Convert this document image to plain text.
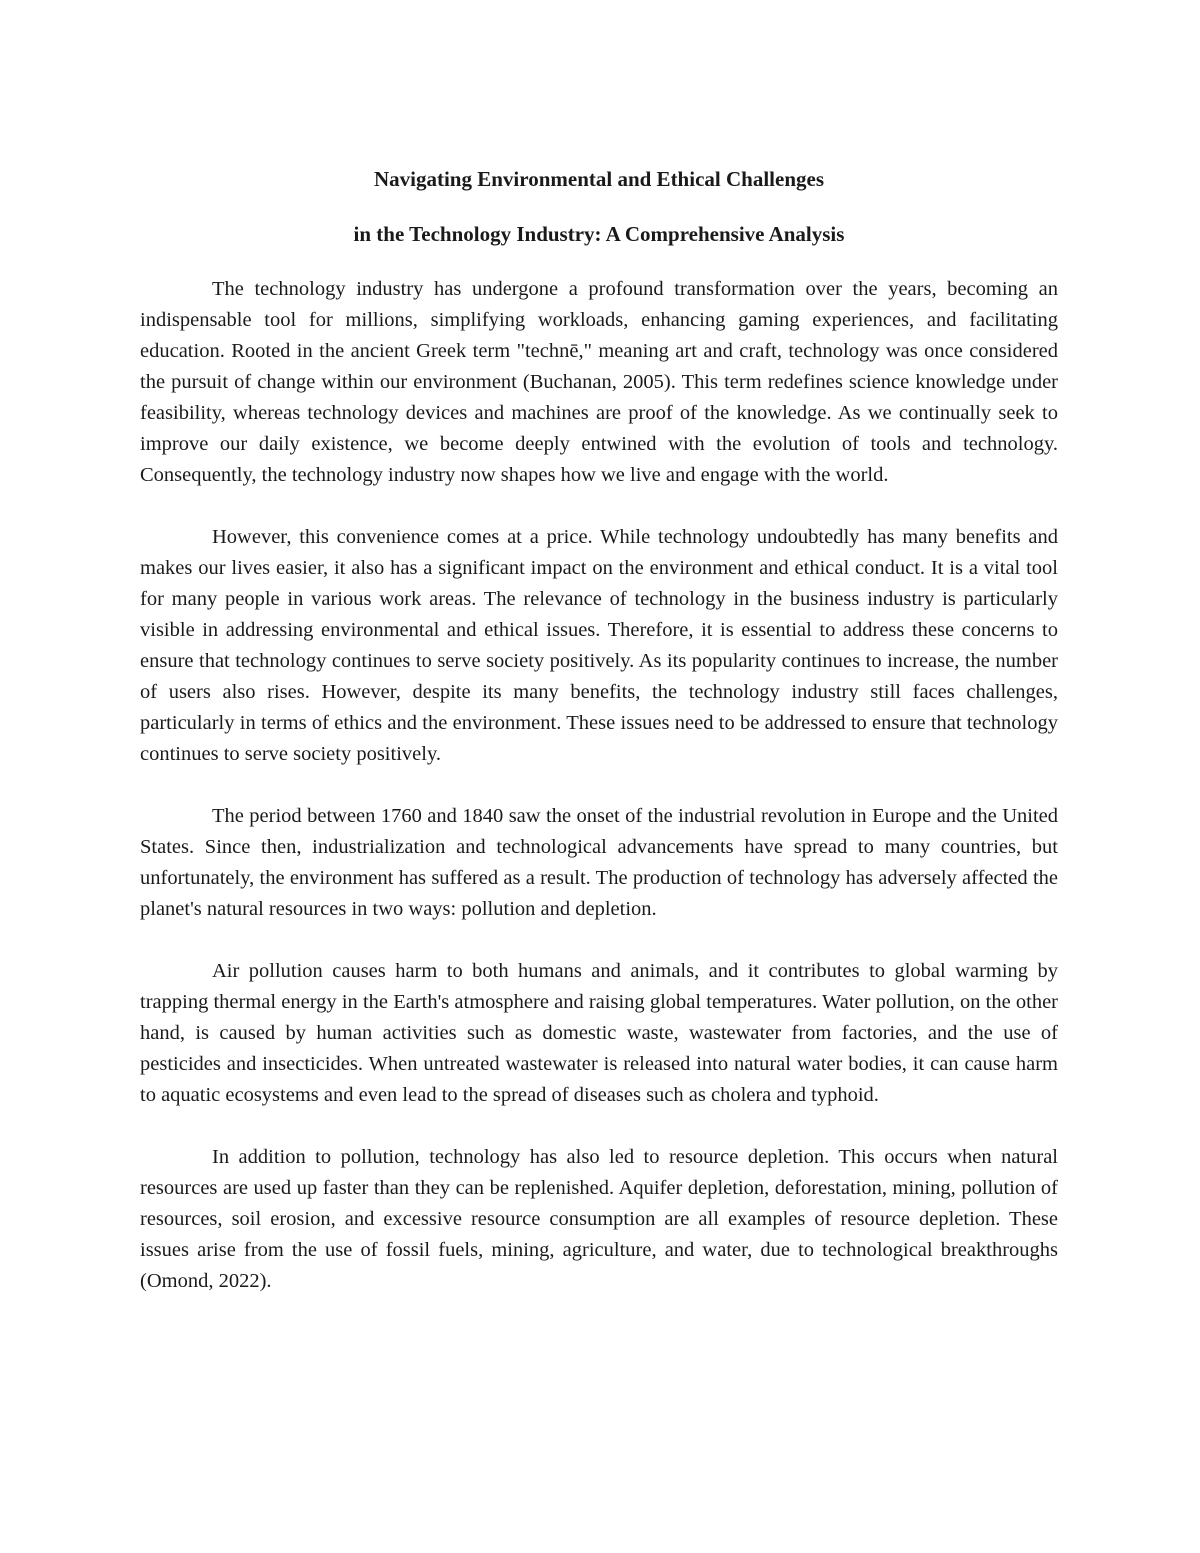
Navigating Environmental and Ethical Challenges
in the Technology Industry: A Comprehensive Analysis

The technology industry has undergone a profound transformation over the years, becoming an indispensable tool for millions, simplifying workloads, enhancing gaming experiences, and facilitating education. Rooted in the ancient Greek term "technē," meaning art and craft, technology was once considered the pursuit of change within our environment (Buchanan, 2005). This term redefines science knowledge under feasibility, whereas technology devices and machines are proof of the knowledge. As we continually seek to improve our daily existence, we become deeply entwined with the evolution of tools and technology. Consequently, the technology industry now shapes how we live and engage with the world.

However, this convenience comes at a price. While technology undoubtedly has many benefits and makes our lives easier, it also has a significant impact on the environment and ethical conduct. It is a vital tool for many people in various work areas. The relevance of technology in the business industry is particularly visible in addressing environmental and ethical issues. Therefore, it is essential to address these concerns to ensure that technology continues to serve society positively. As its popularity continues to increase, the number of users also rises. However, despite its many benefits, the technology industry still faces challenges, particularly in terms of ethics and the environment. These issues need to be addressed to ensure that technology continues to serve society positively.

The period between 1760 and 1840 saw the onset of the industrial revolution in Europe and the United States. Since then, industrialization and technological advancements have spread to many countries, but unfortunately, the environment has suffered as a result. The production of technology has adversely affected the planet's natural resources in two ways: pollution and depletion.

Air pollution causes harm to both humans and animals, and it contributes to global warming by trapping thermal energy in the Earth's atmosphere and raising global temperatures. Water pollution, on the other hand, is caused by human activities such as domestic waste, wastewater from factories, and the use of pesticides and insecticides. When untreated wastewater is released into natural water bodies, it can cause harm to aquatic ecosystems and even lead to the spread of diseases such as cholera and typhoid.

In addition to pollution, technology has also led to resource depletion. This occurs when natural resources are used up faster than they can be replenished. Aquifer depletion, deforestation, mining, pollution of resources, soil erosion, and excessive resource consumption are all examples of resource depletion. These issues arise from the use of fossil fuels, mining, agriculture, and water, due to technological breakthroughs (Omond, 2022).
